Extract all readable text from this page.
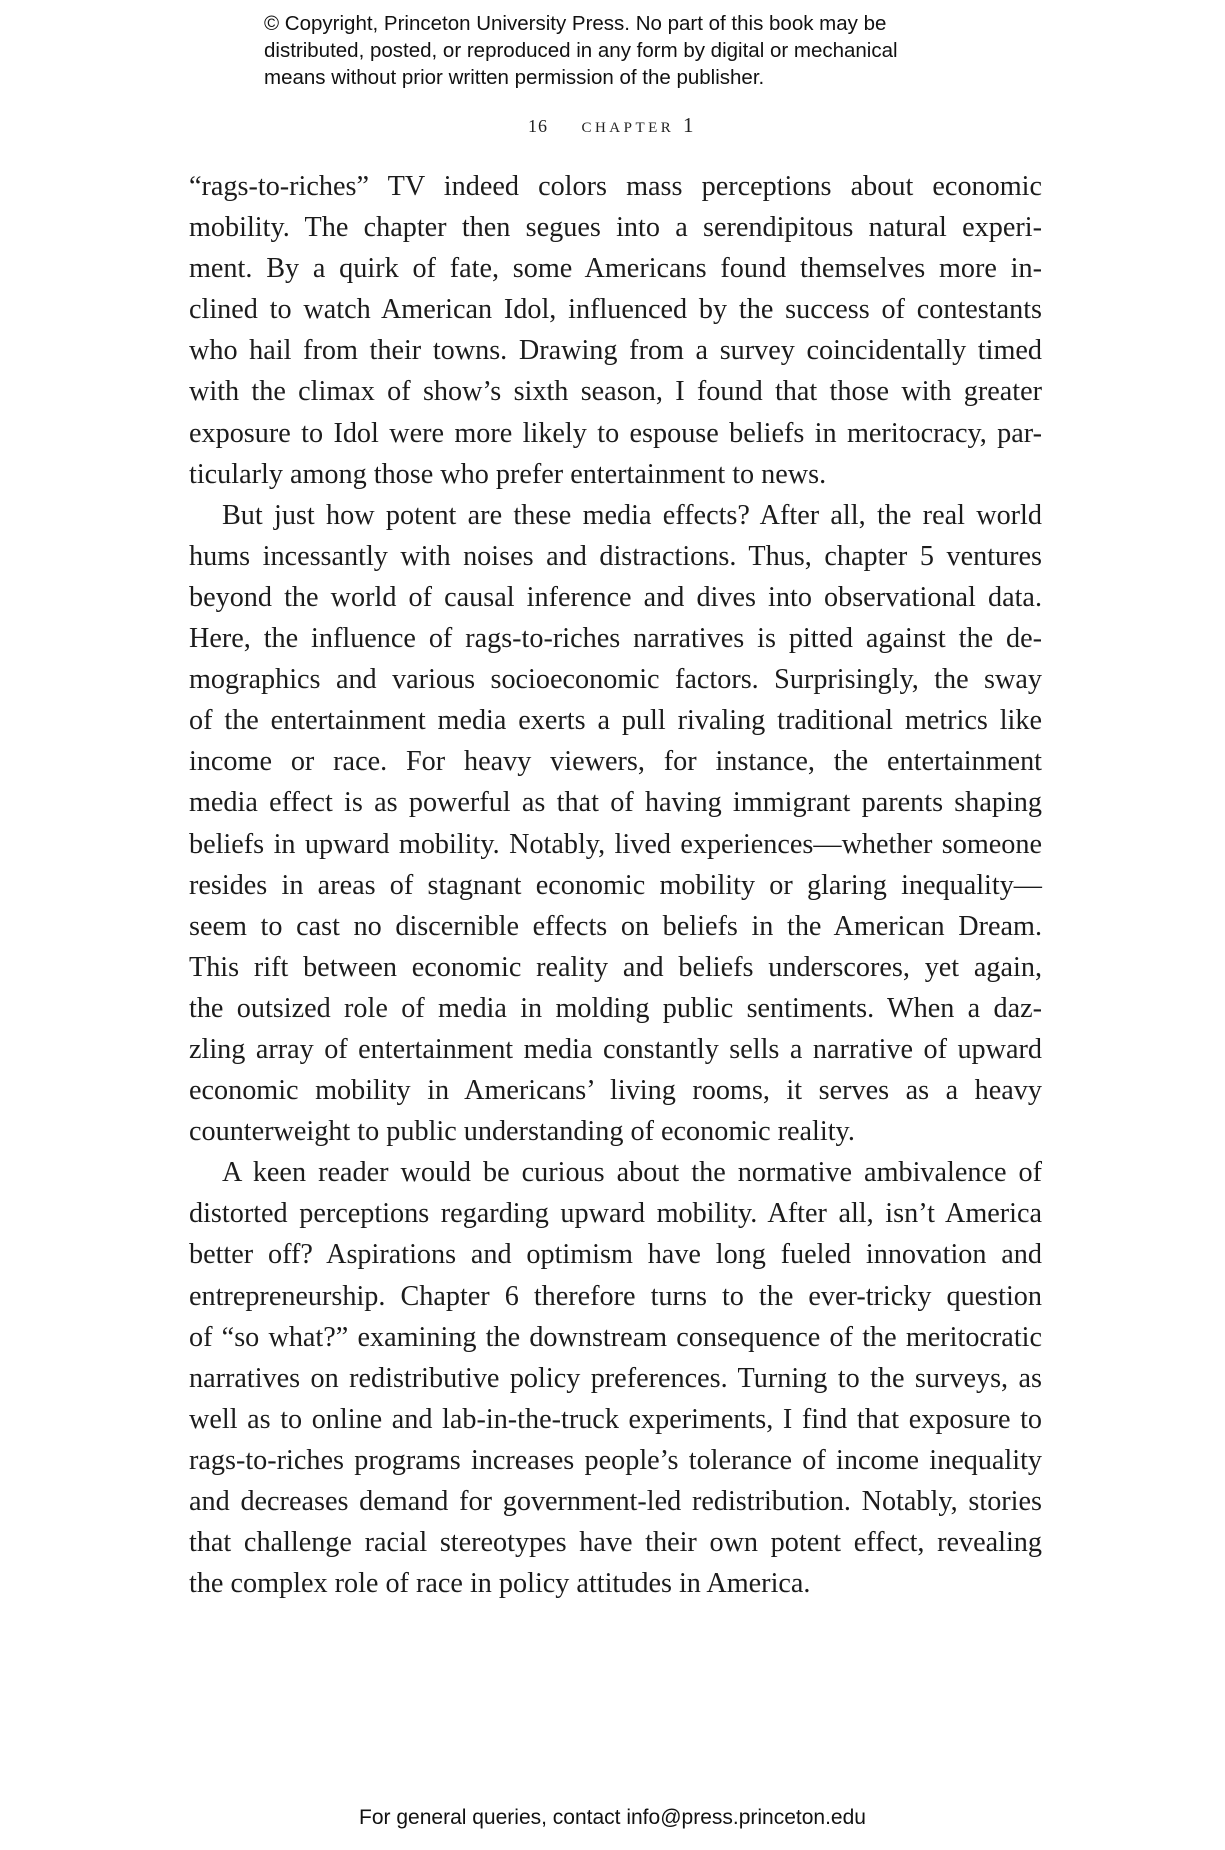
© Copyright, Princeton University Press. No part of this book may be
distributed, posted, or reproduced in any form by digital or mechanical
means without prior written permission of the publisher.
16 chapter 1

“rags-to-riches” TV indeed colors mass perceptions about economic
mobility. The chapter then segues into a serendipitous natural experi-
ment. By a quirk of fate, some Americans found themselves more in-
clined to watch American Idol, influenced by the success of contestants
who hail from their towns. Drawing from a survey coincidentally timed
with the climax of show’s sixth season, I found that those with greater
exposure to Idol were more likely to espouse beliefs in meritocracy, par-
ticularly among those who prefer entertainment to news.

But just how potent are these media effects? After all, the real world
hums incessantly with noises and distractions. Thus, chapter 5 ventures
beyond the world of causal inference and dives into observational data.
Here, the influence of rags-to-riches narratives is pitted against the de-
mographics and various socioeconomic factors. Surprisingly, the sway
of the entertainment media exerts a pull rivaling traditional metrics like
income or race. For heavy viewers, for instance, the entertainment
media effect is as powerful as that of having immigrant parents shaping
beliefs in upward mobility. Notably, lived experiences—whether someone
resides in areas of stagnant economic mobility or glaring inequality—
seem to cast no discernible effects on beliefs in the American Dream.
This rift between economic reality and beliefs underscores, yet again,
the outsized role of media in molding public sentiments. When a daz-
zling array of entertainment media constantly sells a narrative of upward
economic mobility in Americans’ living rooms, it serves as a heavy
counterweight to public understanding of economic reality.

A keen reader would be curious about the normative ambivalence of
distorted perceptions regarding upward mobility. After all, isn’t America
better off? Aspirations and optimism have long fueled innovation and
entrepreneurship. Chapter 6 therefore turns to the ever-tricky question
of “so what?” examining the downstream consequence of the meritocratic
narratives on redistributive policy preferences. Turning to the surveys, as
well as to online and lab-in-the-truck experiments, I find that exposure to
rags-to-riches programs increases people’s tolerance of income inequality
and decreases demand for government-led redistribution. Notably, stories
that challenge racial stereotypes have their own potent effect, revealing
the complex role of race in policy attitudes in America.

For general queries, contact info@press.princeton.edu
